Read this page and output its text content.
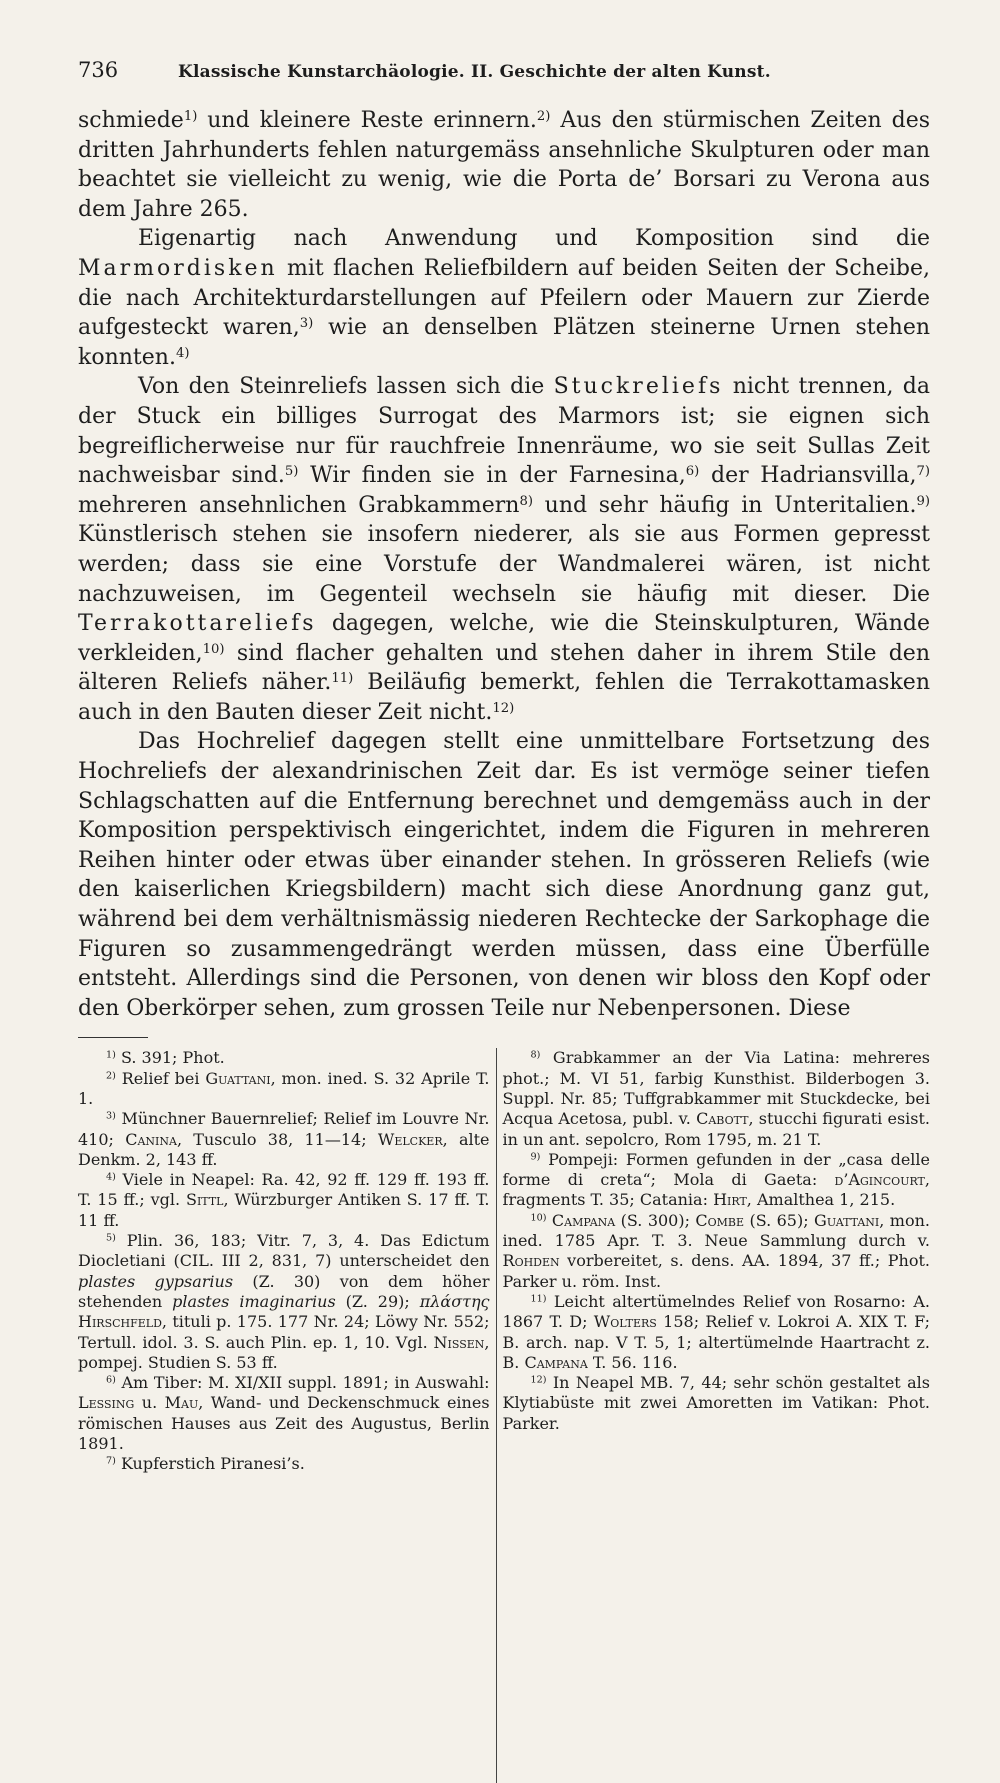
736	Klassische Kunstarchäologie. II. Geschichte der alten Kunst.

schmiede$^{1)}$ und kleinere Reste erinnern.$^{2)}$ Aus den stürmischen Zeiten des dritten Jahrhunderts fehlen naturgemäss ansehnliche Skulpturen oder man beachtet sie vielleicht zu wenig, wie die Porta de’ Borsari zu Verona aus dem Jahre 265.

Eigenartig nach Anwendung und Komposition sind die Marmordisken mit flachen Reliefbildern auf beiden Seiten der Scheibe, die nach Architekturdarstellungen auf Pfeilern oder Mauern zur Zierde aufgesteckt waren,$^{3)}$ wie an denselben Plätzen steinerne Urnen stehen konnten.$^{4)}$

Von den Steinreliefs lassen sich die Stuckreliefs nicht trennen, da der Stuck ein billiges Surrogat des Marmors ist; sie eignen sich begreiflicherweise nur für rauchfreie Innenräume, wo sie seit Sullas Zeit nachweisbar sind.$^{5)}$ Wir finden sie in der Farnesina,$^{6)}$ der Hadriansvilla,$^{7)}$ mehreren ansehnlichen Grabkammern$^{8)}$ und sehr häufig in Unteritalien.$^{9)}$ Künstlerisch stehen sie insofern niederer, als sie aus Formen gepresst werden; dass sie eine Vorstufe der Wandmalerei wären, ist nicht nachzuweisen, im Gegenteil wechseln sie häufig mit dieser. Die Terrakottareliefs dagegen, welche, wie die Steinskulpturen, Wände verkleiden,$^{10)}$ sind flacher gehalten und stehen daher in ihrem Stile den älteren Reliefs näher.$^{11)}$ Beiläufig bemerkt, fehlen die Terrakottamasken auch in den Bauten dieser Zeit nicht.$^{12)}$

Das Hochrelief dagegen stellt eine unmittelbare Fortsetzung des Hochreliefs der alexandrinischen Zeit dar. Es ist vermöge seiner tiefen Schlagschatten auf die Entfernung berechnet und demgemäss auch in der Komposition perspektivisch eingerichtet, indem die Figuren in mehreren Reihen hinter oder etwas über einander stehen. In grösseren Reliefs (wie den kaiserlichen Kriegsbildern) macht sich diese Anordnung ganz gut, während bei dem verhältnismässig niederen Rechtecke der Sarkophage die Figuren so zusammengedrängt werden müssen, dass eine Überfülle entsteht. Allerdings sind die Personen, von denen wir bloss den Kopf oder den Oberkörper sehen, zum grossen Teile nur Nebenpersonen. Diese

$^{1)}$ S. 391; Phot.

$^{2)}$ Relief bei Guattani, mon. ined. S. 32 Aprile T. 1.

$^{3)}$ Münchner Bauernrelief; Relief im Louvre Nr. 410; Canina, Tusculo 38, 11—14; Welcker, alte Denkm. 2, 143 ff.

$^{4)}$ Viele in Neapel: Ra. 42, 92 ff. 129 ff. 193 ff. T. 15 ff.; vgl. Sittl, Würzburger Antiken S. 17 ff. T. 11 ff.

$^{5)}$ Plin. 36, 183; Vitr. 7, 3, 4. Das Edictum Diocletiani (CIL. III 2, 831, 7) unterscheidet den plastes gypsarius (Z. 30) von dem höher stehenden plastes imaginarius (Z. 29); πλάστης Hirschfeld, tituli p. 175. 177 Nr. 24; Löwy Nr. 552; Tertull. idol. 3. S. auch Plin. ep. 1, 10. Vgl. Nissen, pompej. Studien S. 53 ff.

$^{6)}$ Am Tiber: M. XI/XII suppl. 1891; in Auswahl: Lessing u. Mau, Wand- und Deckenschmuck eines römischen Hauses aus Zeit des Augustus, Berlin 1891.

$^{7)}$ Kupferstich Piranesi’s.

$^{8)}$ Grabkammer an der Via Latina: mehreres phot.; M. VI 51, farbig Kunsthist. Bilderbogen 3. Suppl. Nr. 85; Tuffgrabkammer mit Stuckdecke, bei Acqua Acetosa, publ. v. Cabott, stucchi figurati esist. in un ant. sepolcro, Rom 1795, m. 21 T.

$^{9)}$ Pompeji: Formen gefunden in der „casa delle forme di creta“; Mola di Gaeta: d’Agincourt, fragments T. 35; Catania: Hirt, Amalthea 1, 215.

$^{10)}$ Campana (S. 300); Combe (S. 65); Guattani, mon. ined. 1785 Apr. T. 3. Neue Sammlung durch v. Rohden vorbereitet, s. dens. AA. 1894, 37 ff.; Phot. Parker u. röm. Inst.

$^{11)}$ Leicht altertümelndes Relief von Rosarno: A. 1867 T. D; Wolters 158; Relief v. Lokroi A. XIX T. F; B. arch. nap. V T. 5, 1; altertümelnde Haartracht z. B. Campana T. 56. 116.

$^{12)}$ In Neapel MB. 7, 44; sehr schön gestaltet als Klytiabüste mit zwei Amoretten im Vatikan: Phot. Parker.
